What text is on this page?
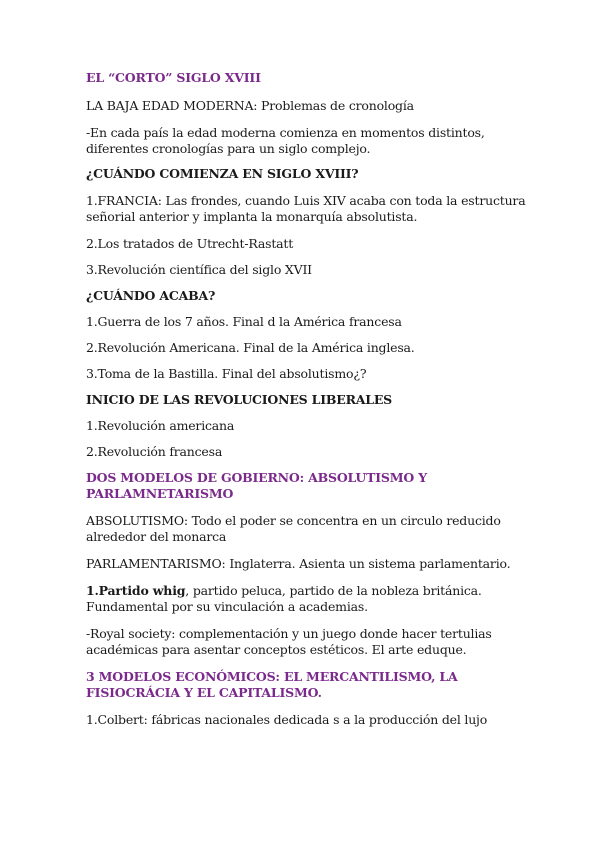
EL “CORTO” SIGLO XVIII

LA BAJA EDAD MODERNA: Problemas de cronología

-En cada país la edad moderna comienza en momentos distintos, diferentes cronologías para un siglo complejo.

¿CUÁNDO COMIENZA EN SIGLO XVIII?

1.FRANCIA: Las frondes, cuando Luis XIV acaba con toda la estructura señorial anterior y implanta la monarquía absolutista.

2.Los tratados de Utrecht-Rastatt

3.Revolución científica del siglo XVII

¿CUÁNDO ACABA?

1.Guerra de los 7 años. Final d la América francesa

2.Revolución Americana. Final de la América inglesa.

3.Toma de la Bastilla. Final del absolutismo¿?

INICIO DE LAS REVOLUCIONES LIBERALES

1.Revolución americana

2.Revolución francesa

DOS MODELOS DE GOBIERNO: ABSOLUTISMO Y PARLAMNETARISMO

ABSOLUTISMO: Todo el poder se concentra en un circulo reducido alrededor del monarca

PARLAMENTARISMO: Inglaterra. Asienta un sistema parlamentario.

1.Partido whig, partido peluca, partido de la nobleza británica. Fundamental por su vinculación a academias.

-Royal society: complementación y un juego donde hacer tertulias académicas para asentar conceptos estéticos. El arte eduque.

3 MODELOS ECONÓMICOS: EL MERCANTILISMO, LA FISIOCRÁCIA Y EL CAPITALISMO.

1.Colbert: fábricas nacionales dedicada s a la producción del lujo
